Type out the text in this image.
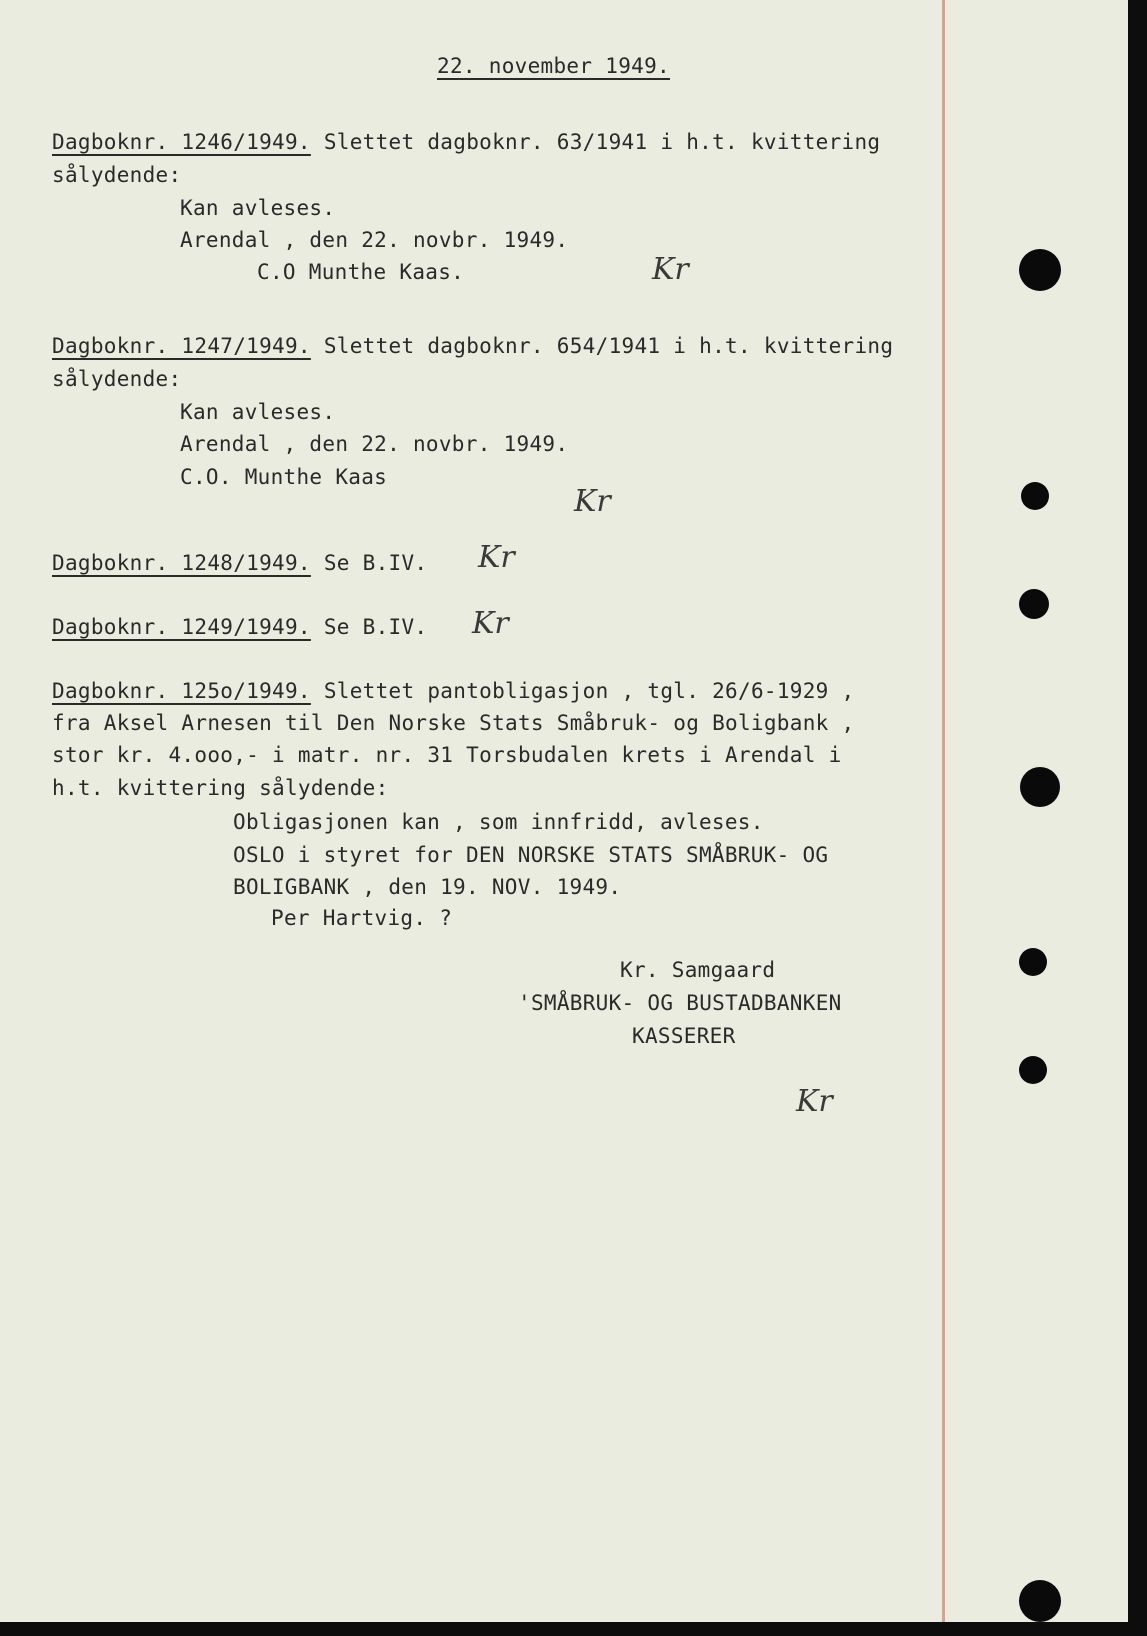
22. november 1949.
Dagboknr. 1246/1949. Slettet dagboknr. 63/1941 i h.t. kvittering
sålydende:
Kan avleses.
Arendal , den 22. novbr. 1949.
C.O Munthe Kaas.	Kr
Dagboknr. 1247/1949. Slettet dagboknr. 654/1941 i h.t. kvittering
sålydende:
Kan avleses.
Arendal , den 22. novbr. 1949.
C.O. Munthe Kaas
Kr
Dagboknr. 1248/1949. Se B.IV. Kr
Dagboknr. 1249/1949. Se B.IV. Kr
Dagboknr. 125o/1949. Slettet pantobligasjon , tgl. 26/6-1929 ,
fra Aksel Arnesen til Den Norske Stats Småbruk- og Boligbank ,
stor kr. 4.ooo,- i matr. nr. 31 Torsbudalen krets i Arendal i
h.t. kvittering sålydende:
Obligasjonen kan , som innfridd, avleses.
OSLO i styret for DEN NORSKE STATS SMÅBRUK- OG
BOLIGBANK , den 19. NOV. 1949.
Per Hartvig. ?
Kr. Samgaard
'SMÅBRUK- OG BUSTADBANKEN
KASSERER
Kr
